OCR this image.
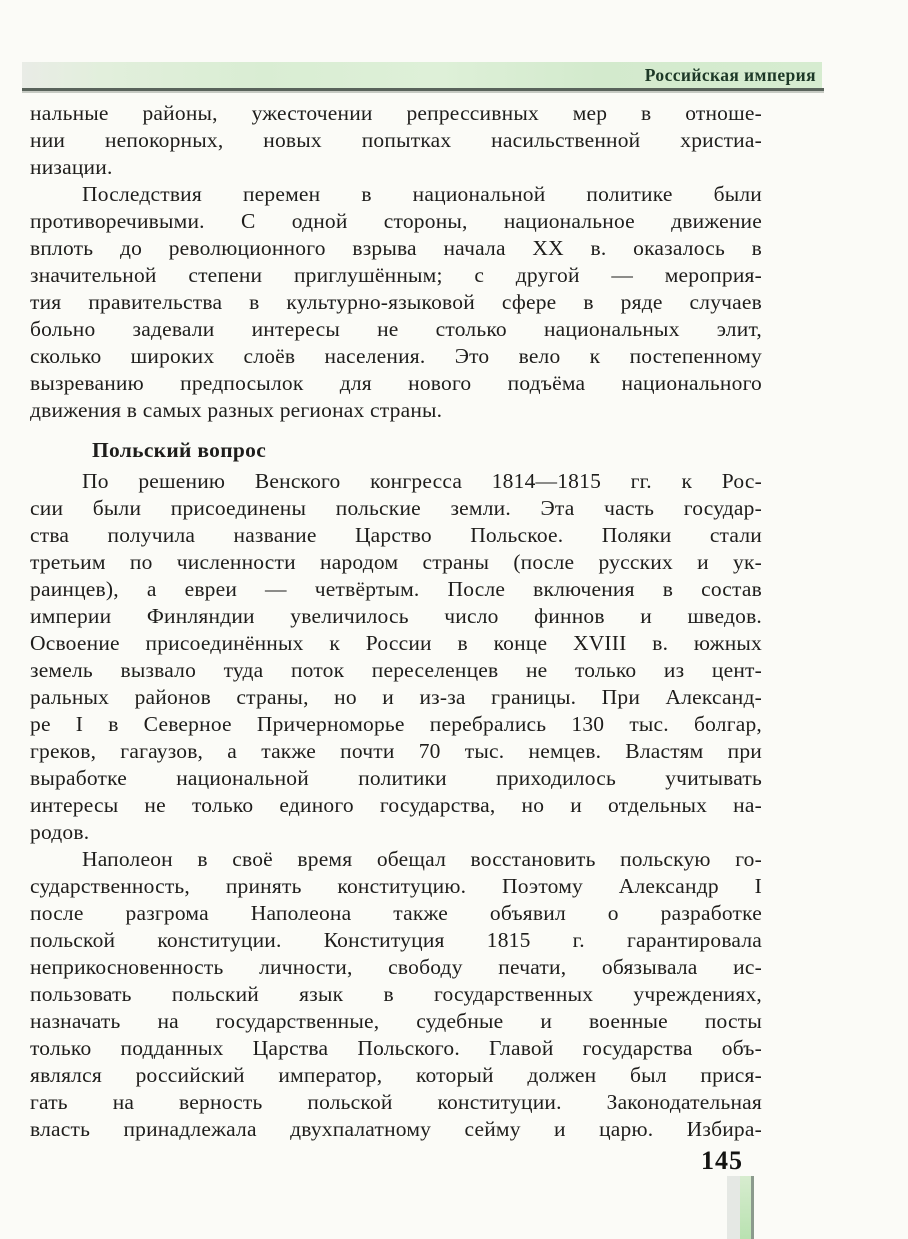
Российская империя
нальные районы, ужесточении репрессивных мер в отноше-
нии непокорных, новых попытках насильственной христиа-
низации.
Последствия перемен в национальной политике были
противоречивыми. С одной стороны, национальное движение
вплоть до революционного взрыва начала XX в. оказалось в
значительной степени приглушённым; с другой — мероприя-
тия правительства в культурно-языковой сфере в ряде случаев
больно задевали интересы не столько национальных элит,
сколько широких слоёв населения. Это вело к постепенному
вызреванию предпосылок для нового подъёма национального
движения в самых разных регионах страны.
Польский вопрос
По решению Венского конгресса 1814—1815 гг. к Рос-
сии были присоединены польские земли. Эта часть государ-
ства получила название Царство Польское. Поляки стали
третьим по численности народом страны (после русских и ук-
раинцев), а евреи — четвёртым. После включения в состав
империи Финляндии увеличилось число финнов и шведов.
Освоение присоединённых к России в конце XVIII в. южных
земель вызвало туда поток переселенцев не только из цент-
ральных районов страны, но и из-за границы. При Александ-
ре I в Северное Причерноморье перебрались 130 тыс. болгар,
греков, гагаузов, а также почти 70 тыс. немцев. Властям при
выработке национальной политики приходилось учитывать
интересы не только единого государства, но и отдельных на-
родов.
Наполеон в своё время обещал восстановить польскую го-
сударственность, принять конституцию. Поэтому Александр I
после разгрома Наполеона также объявил о разработке
польской конституции. Конституция 1815 г. гарантировала
неприкосновенность личности, свободу печати, обязывала ис-
пользовать польский язык в государственных учреждениях,
назначать на государственные, судебные и военные посты
только подданных Царства Польского. Главой государства объ-
являлся российский император, который должен был прися-
гать на верность польской конституции. Законодательная
власть принадлежала двухпалатному сейму и царю. Избира-
145
